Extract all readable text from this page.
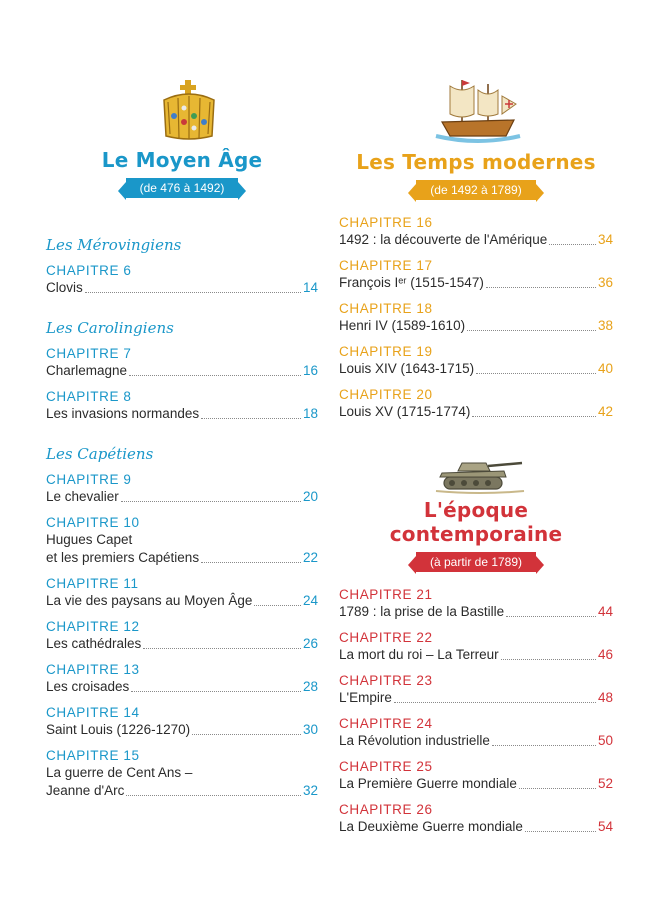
Le Moyen Âge
(de 476 à 1492)
Les Mérovingiens
CHAPITRE 6
Clovis	14
Les Carolingiens
CHAPITRE 7
Charlemagne	16
CHAPITRE 8
Les invasions normandes	18
Les Capétiens
CHAPITRE 9
Le chevalier	20
CHAPITRE 10
Hugues Capet
et les premiers Capétiens	22
CHAPITRE 11
La vie des paysans au Moyen Âge	24
CHAPITRE 12
Les cathédrales	26
CHAPITRE 13
Les croisades	28
CHAPITRE 14
Saint Louis (1226-1270)	30
CHAPITRE 15
La guerre de Cent Ans –
Jeanne d'Arc	32
Les Temps modernes
(de 1492 à 1789)
CHAPITRE 16
1492 : la découverte de l'Amérique	34
CHAPITRE 17
François Iᵉʳ (1515-1547)	36
CHAPITRE 18
Henri IV (1589-1610)	38
CHAPITRE 19
Louis XIV (1643-1715)	40
CHAPITRE 20
Louis XV (1715-1774)	42
L'époque contemporaine
(à partir de 1789)
CHAPITRE 21
1789 : la prise de la Bastille	44
CHAPITRE 22
La mort du roi – La Terreur	46
CHAPITRE 23
L'Empire	48
CHAPITRE 24
La Révolution industrielle	50
CHAPITRE 25
La Première Guerre mondiale	52
CHAPITRE 26
La Deuxième Guerre mondiale	54
